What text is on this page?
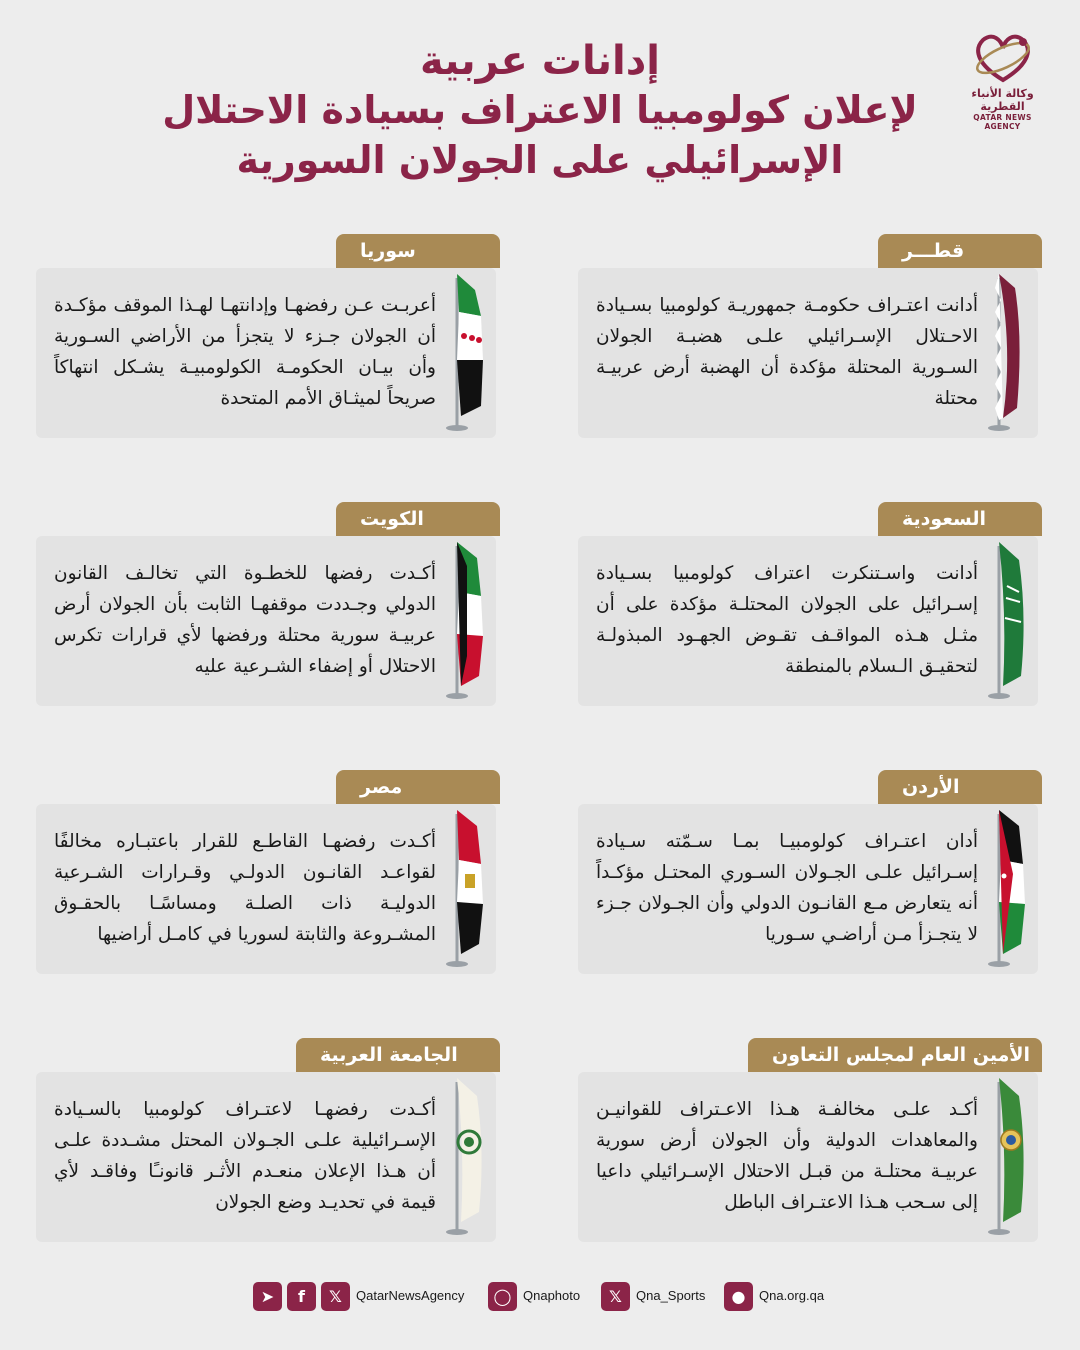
وكالة الأنباء القطرية
QATAR NEWS AGENCY
إدانات عربية
لإعلان كولومبيا الاعتراف بسيادة الاحتلال
الإسرائيلي على الجولان السورية
قطـــر
أدانت اعتـراف حكومـة جمهوريـة كولومبيا بسـيادة الاحـتلال الإسـرائيلي علـى هضبـة الجولان السـورية المحتلة مؤكدة أن الهضبة أرض عربيـة محتلة
سوريا
أعربـت عـن رفضهـا وإدانتهـا لهـذا الموقف مؤكـدة أن الجولان جـزء لا يتجزأ من الأراضي السـورية وأن بيـان الحكومـة الكولومبيـة يشـكل انتهاكاً صريحاً لميثـاق الأمم المتحدة
السعودية
أدانت واسـتنكرت اعتراف كولومبيا بسـيادة إسـرائيل على الجولان المحتلـة مؤكدة على أن مثـل هـذه المواقـف تقـوض الجهـود المبذولـة لتحقيـق الـسلام بالمنطقة
الكويت
أكـدت رفضها للخطـوة التي تخالـف القانون الدولي وجـددت موقفهـا الثابت بأن الجولان أرض عربيـة سورية محتلة ورفضها لأي قرارات تكرس الاحتلال أو إضفاء الشـرعية عليه
الأردن
أدان اعتـراف كولومبيـا بمـا سـمّته سـيادة إسـرائيل علـى الجـولان السـوري المحتـل مؤكـداً أنه يتعارض مـع القانـون الدولي وأن الجـولان جـزء لا يتجـزأ مـن أراضـي سـوريا
مصر
أكـدت رفضهـا القاطـع للقرار باعتبـاره مخالفًا لقواعـد القانـون الدولـي وقـرارات الشـرعية الدوليـة ذات الصلـة ومساسًـا بالحقـوق المشـروعة والثابتة لسوريا في كامـل أراضيها
الأمين العام لمجلس التعاون
أكـد علـى مخالفـة هـذا الاعـتراف للقوانيـن والمعاهدات الدولية وأن الجولان أرض سورية عربيـة محتلـة من قبـل الاحتلال الإسـرائيلي داعيا إلى سـحب هـذا الاعتـراف الباطل
الجامعة العربية
أكـدت رفضهـا لاعتـراف كولومبيا بالسـيادة الإسـرائيلية علـى الجـولان المحتل مشـددة علـى أن هـذا الإعلان منعـدم الأثـر قانونـًا وفاقـد لأي قيمة في تحديـد وضع الجولان
➤	f	𝕏	QatarNewsAgency	◯ Qnaphoto	𝕏	Qna_Sports	●	Qna.org.qa
